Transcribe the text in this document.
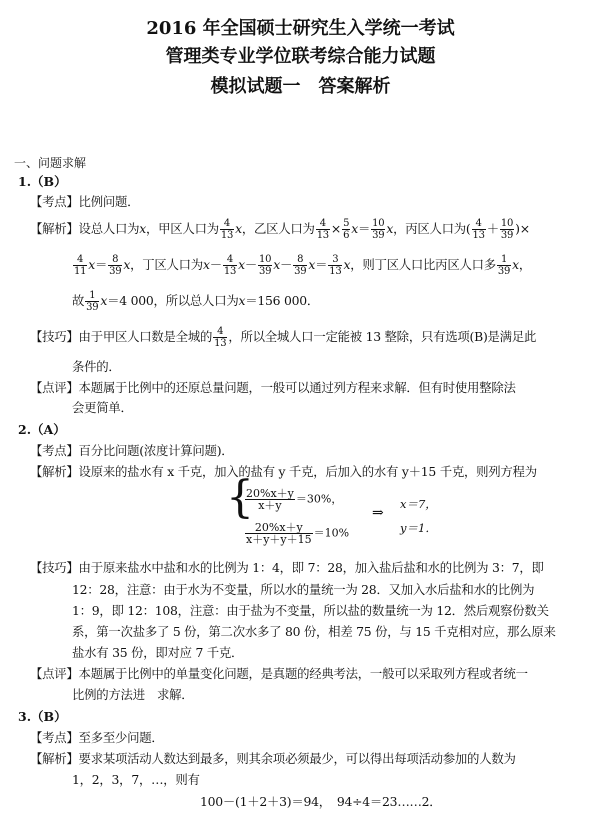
2016 年全国硕士研究生入学统一考试
管理类专业学位联考综合能力试题
模拟试题一　答案解析
一、问题求解
1.（B）
【考点】比例问题．
【解析】设总人口为x，甲区人口为 $\frac{4}{13}$ x，乙区人口为 $\frac{4}{13} \times \frac{5}{6} x= \frac{10}{39}$ x，丙区人口为( $\frac{4}{13} + \frac{10}{39}$ )×
$\frac{4}{11} x= \frac{8}{39}$ x，丁区人口为$x- \frac{4}{13} x- \frac{10}{39} x- \frac{8}{39} x= \frac{3}{13}$ x，则丁区人口比丙区人口多 $\frac{1}{39}$ x，
故 $\frac{1}{39} x=4$ 000，所以总人口为x＝156 000．
【技巧】由于甲区人口数是全城的 $\frac{4}{13}$ ，所以全城人口一定能被 13 整除，只有选项(B)是满足此
条件的．
【点评】本题属于比例中的还原总量问题，一般可以通过列方程来求解．但有时使用整除法
会更简单．
2.（A）
【考点】百分比问题(浓度计算问题)．
【解析】设原来的盐水有 x 千克，加入的盐有 y 千克，后加入的水有 y＋15 千克，则列方程为
{
$\frac{20\%x+y}{x+y} =30\%$，
$\frac{20\%x+y}{x+y+y+15} =10\%$
⇒
x＝7，
y＝1．
【技巧】由于原来盐水中盐和水的比例为 1：4，即 7：28，加入盐后盐和水的比例为 3：7，即
12：28，注意：由于水为不变量，所以水的量统一为 28．又加入水后盐和水的比例为
1：9，即 12：108，注意：由于盐为不变量，所以盐的数量统一为 12．然后观察份数关
系，第一次盐多了 5 份，第二次水多了 80 份，相差 75 份，与 15 千克相对应，那么原来
盐水有 35 份，即对应 7 千克．
【点评】本题属于比例中的单量变化问题，是真题的经典考法，一般可以采取列方程或者统一
比例的方法进　求解．
3.（B）
【考点】至多至少问题．
【解析】要求某项活动人数达到最多，则其余项必须最少，可以得出每项活动参加的人数为
1，2，3，7，…，则有
100－(1＋2＋3)＝94，　94÷4＝23……2．
